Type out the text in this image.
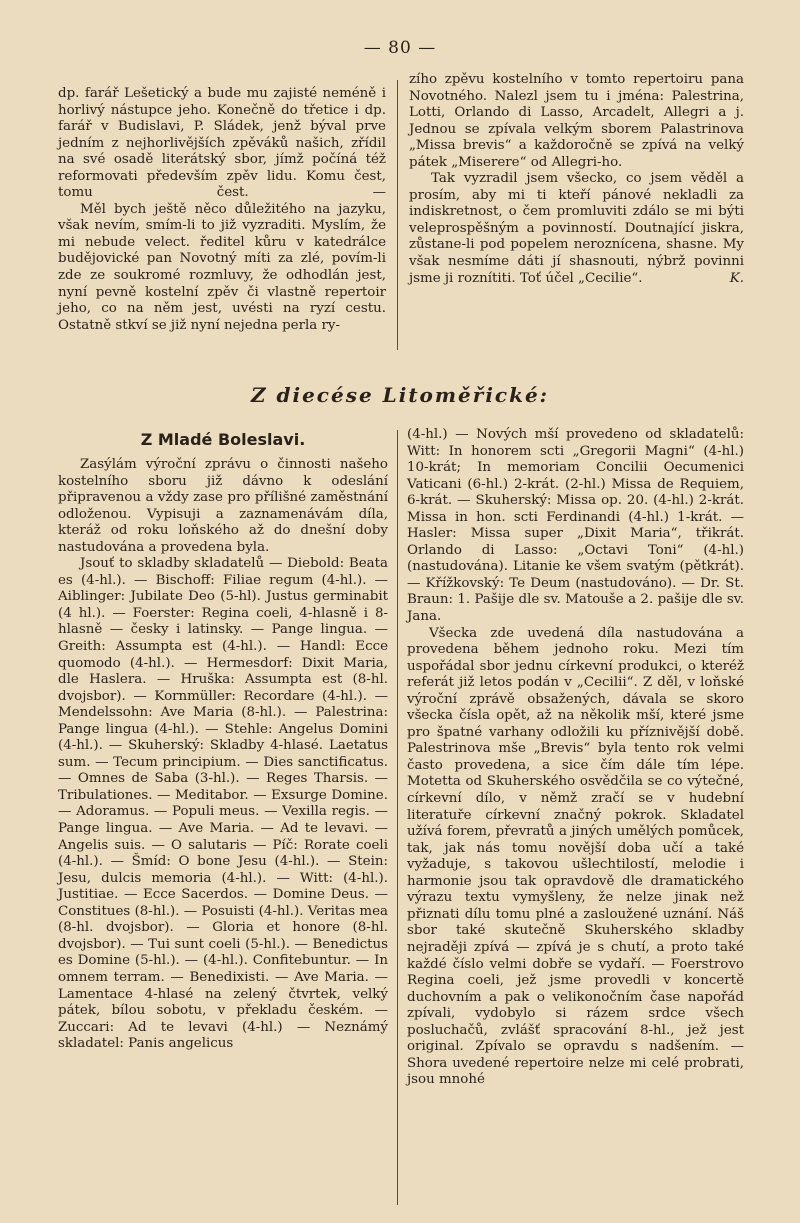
— 80 —

dp. farář Lešetický a bude mu zajisté neméně i horlivý nástupce jeho. Konečně do třetice i dp. farář v Budislavi, P. Sládek, jenž býval prve jedním z nejhorlivějších zpěváků našich, zřídil na své osadě literátský sbor, jímž počíná též reformovati především zpěv lidu. Komu čest, tomu čest. —

Měl bych ještě něco důležitého na jazyku, však nevím, smím-li to již vyzraditi. Myslím, že mi nebude velect. ředitel kůru v katedrálce budějovické pan Novotný míti za zlé, povím-li zde ze soukromé rozmluvy, že odhodlán jest, nyní pevně kostelní zpěv či vlastně repertoir jeho, co na něm jest, uvésti na ryzí cestu. Ostatně stkví se již nyní nejedna perla ry-

zího zpěvu kostelního v tomto repertoiru pana Novotného. Nalezl jsem tu i jména: Palestrina, Lotti, Orlando di Lasso, Arcadelt, Allegri a j. Jednou se zpívala velkým sborem Palastrinova „Missa brevis“ a každoročně se zpívá na velký pátek „Miserere“ od Allegri-ho.

Tak vyzradil jsem všecko, co jsem věděl a prosím, aby mi ti kteří pánové nekladli za indiskretnost, o čem promluviti zdálo se mi býti veleprospěšným a povinností. Doutnající jiskra, zůstane-li pod popelem neroznícena, shasne. My však nesmíme dáti jí shasnouti, nýbrž povinni jsme ji roznítiti. Toť účel „Cecilie“.	K.

Z diecése Litoměřické:
Z Mladé Boleslavi.

Zasýlám výroční zprávu o činnosti našeho kostelního sboru již dávno k odeslání připravenou a vždy zase pro přílišné zaměstnání odloženou. Vypisuji a zaznamenávám díla, kteráž od roku loňského až do dnešní doby nastudována a provedena byla.

Jsouť to skladby skladatelů — Diebold: Beata es (4-hl.). — Bischoff: Filiae regum (4-hl.). — Aiblinger: Jubilate Deo (5-hl). Justus germinabit (4 hl.). — Foerster: Regina coeli, 4-hlasně i 8-hlasně — česky i latinsky. — Pange lingua. — Greith: Assumpta est (4-hl.). — Handl: Ecce quomodo (4-hl.). — Hermesdorf: Dixit Maria, dle Haslera. — Hruška: Assumpta est (8-hl. dvojsbor). — Kornmüller: Recordare (4-hl.). — Mendelssohn: Ave Maria (8-hl.). — Palestrina: Pange lingua (4-hl.). — Stehle: Angelus Domini (4-hl.). — Skuherský: Skladby 4-hlasé. Laetatus sum. — Tecum principium. — Dies sanctificatus. — Omnes de Saba (3-hl.). — Reges Tharsis. — Tribulationes. — Meditabor. — Exsurge Domine. — Adoramus. — Populi meus. — Vexilla regis. — Pange lingua. — Ave Maria. — Ad te levavi. — Angelis suis. — O salutaris — Píč: Rorate coeli (4-hl.). — Šmíd: O bone Jesu (4-hl.). — Stein: Jesu, dulcis memoria (4-hl.). — Witt: (4-hl.). Justitiae. — Ecce Sacerdos. — Domine Deus. — Constitues (8-hl.). — Posuisti (4-hl.). Veritas mea (8-hl. dvojsbor). — Gloria et honore (8-hl. dvojsbor). — Tui sunt coeli (5-hl.). — Benedictus es Domine (5-hl.). — (4-hl.). Confitebuntur. — In omnem terram. — Benedixisti. — Ave Maria. — Lamentace 4-hlasé na zelený čtvrtek, velký pátek, bílou sobotu, v překladu českém. — Zuccari: Ad te levavi (4-hl.) — Neznámý skladatel: Panis angelicus

(4-hl.) — Nových mší provedeno od skladatelů: Witt: In honorem scti „Gregorii Magni“ (4-hl.) 10-krát; In memoriam Concilii Oecumenici Vaticani (6-hl.) 2-krát. (2-hl.) Missa de Requiem, 6-krát. — Skuherský: Missa op. 20. (4-hl.) 2-krát. Missa in hon. scti Ferdinandi (4-hl.) 1-krát. — Hasler: Missa super „Dixit Maria“, třikrát. Orlando di Lasso: „Octavi Toni“ (4-hl.) (nastudována). Litanie ke všem svatým (pětkrát). — Křížkovský: Te Deum (nastudováno). — Dr. St. Braun: 1. Pašije dle sv. Matouše a 2. pašije dle sv. Jana.

Všecka zde uvedená díla nastudována a provedena během jednoho roku. Mezi tím uspořádal sbor jednu církevní produkci, o kteréž referát již letos podán v „Cecilii“. Z děl, v loňské výroční zprávě obsažených, dávala se skoro všecka čísla opět, až na několik mší, které jsme pro špatné varhany odložili ku příznivější době. Palestrinova mše „Brevis“ byla tento rok velmi často provedena, a sice čím dále tím lépe. Motetta od Skuherského osvědčila se co výtečné, církevní dílo, v němž zračí se v hudební literatuře církevní značný pokrok. Skladatel užívá forem, převratů a jiných umělých pomůcek, tak, jak nás tomu novější doba učí a také vyžaduje, s takovou ušlechtilostí, melodie i harmonie jsou tak opravdově dle dramatického výrazu textu vymyšleny, že nelze jinak než přiznati dílu tomu plné a zasloužené uznání. Náš sbor také skutečně Skuherského skladby nejraději zpívá — zpívá je s chutí, a proto také každé číslo velmi dobře se vydaří. — Foerstrovo Regina coeli, jež jsme provedli v koncertě duchovním a pak o velikonočním čase napořád zpívali, vydobylo si rázem srdce všech posluchačů, zvlášť spracování 8-hl., jež jest original. Zpívalo se opravdu s nadšením. — Shora uvedené repertoire nelze mi celé probrati, jsou mnohé
